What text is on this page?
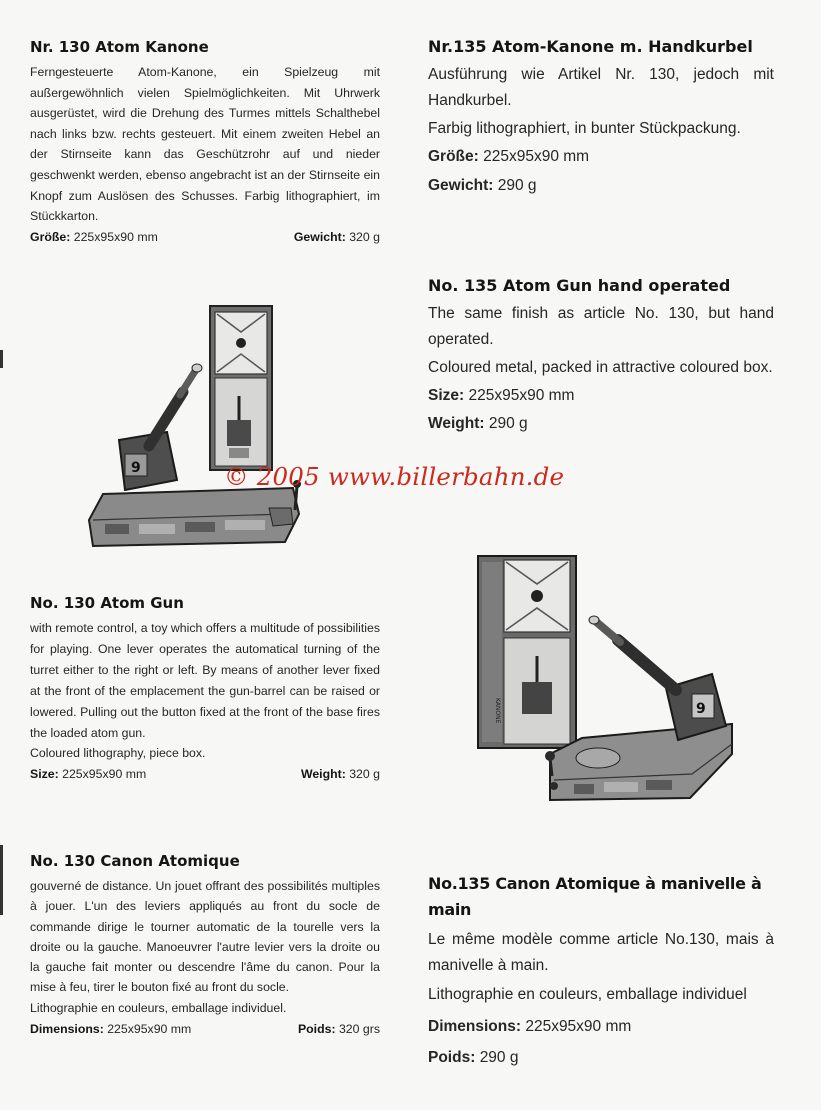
Nr. 130 Atom Kanone

Ferngesteuerte Atom-Kanone, ein Spielzeug mit außergewöhnlich vielen Spielmöglichkeiten. Mit Uhrwerk ausgerüstet, wird die Drehung des Turmes mittels Schalthebel nach links bzw. rechts gesteuert. Mit einem zweiten Hebel an der Stirnseite kann das Geschützrohr auf und nieder geschwenkt werden, ebenso angebracht ist an der Stirnseite ein Knopf zum Auslösen des Schusses. Farbig lithographiert, im Stückkarton.

Größe: 225x95x90 mm	Gewicht: 320 g
No. 130 Atom Gun

with remote control, a toy which offers a multitude of possibilities for playing. One lever operates the automatical turning of the turret either to the right or left. By means of another lever fixed at the front of the emplacement the gun-barrel can be raised or lowered. Pulling out the button fixed at the front of the base fires the loaded atom gun.

Coloured lithography, piece box.

Size: 225x95x90 mm	Weight: 320 g
No. 130 Canon Atomique

gouverné de distance. Un jouet offrant des possibilités multiples à jouer. L'un des leviers appliqués au front du socle de commande dirige le tourner automatic de la tourelle vers la droite ou la gauche. Manoeuvrer l'autre levier vers la droite ou la gauche fait monter ou descendre l'âme du canon. Pour la mise à feu, tirer le bouton fixé au front du socle.

Lithographie en couleurs, emballage individuel.

Dimensions: 225x95x90 mm	Poids: 320 grs
Nr.135 Atom-Kanone m. Handkurbel

Ausführung wie Artikel Nr. 130, jedoch mit Handkurbel.

Farbig lithographiert, in bunter Stückpackung.

Größe: 225x95x90 mm
Gewicht: 290 g
No. 135 Atom Gun hand operated

The same finish as article No. 130, but hand operated.

Coloured metal, packed in attractive coloured box.

Size: 225x95x90 mm
Weight: 290 g
No.135 Canon Atomique à manivelle à main

Le même modèle comme article No.130, mais à manivelle à main.

Lithographie en couleurs, emballage individuel

Dimensions: 225x95x90 mm
Poids: 290 g
9
KANONE	9
© 2005 www.billerbahn.de
